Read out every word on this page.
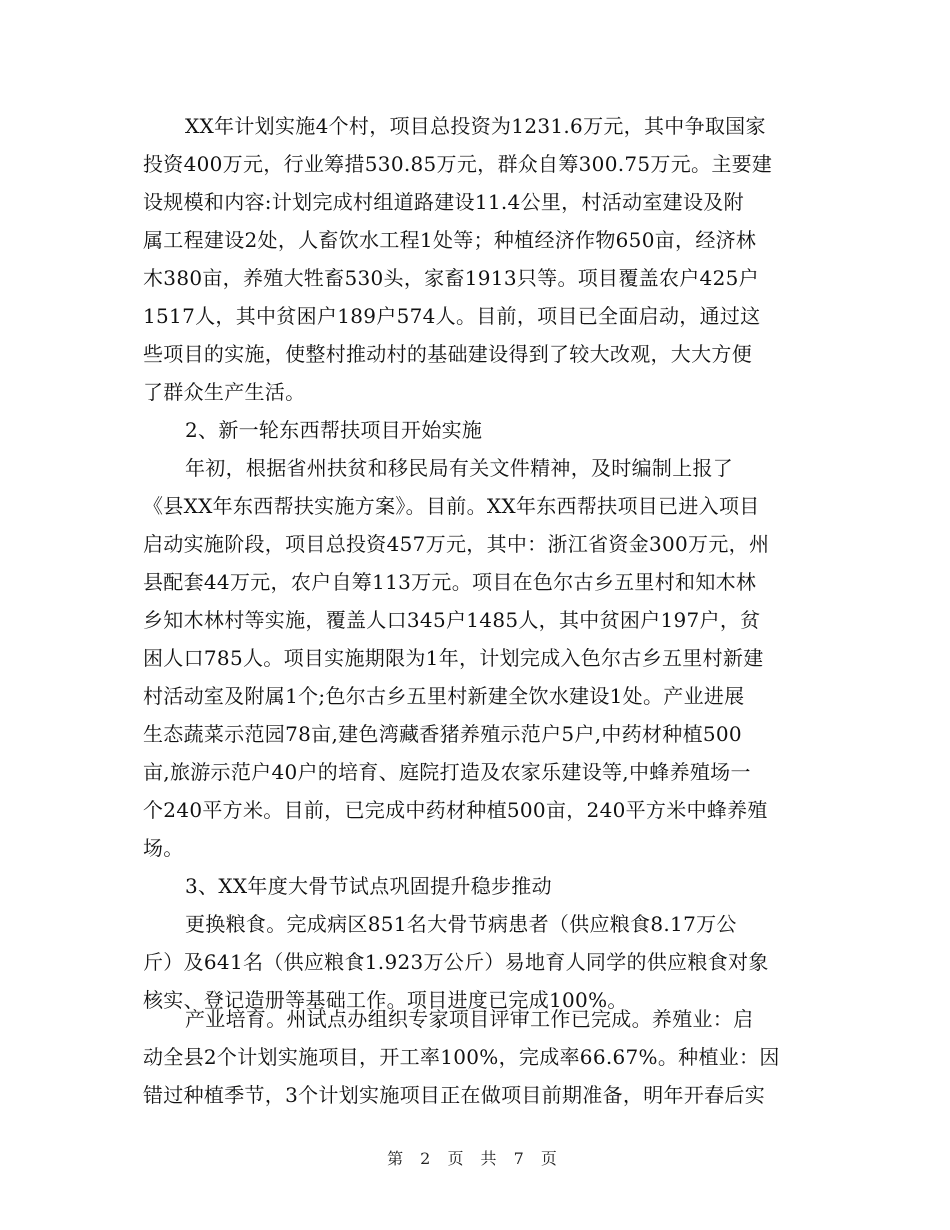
XX年计划实施4个村，项目总投资为1231.6万元，其中争取国家
投资400万元，行业筹措530.85万元，群众自筹300.75万元。主要建
设规模和内容:计划完成村组道路建设11.4公里，村活动室建设及附
属工程建设2处，人畜饮水工程1处等；种植经济作物650亩，经济林
木380亩，养殖大牲畜530头，家畜1913只等。项目覆盖农户425户
1517人，其中贫困户189户574人。目前，项目已全面启动，通过这
些项目的实施，使整村推动村的基础建设得到了较大改观，大大方便
了群众生产生活。
2、新一轮东西帮扶项目开始实施
年初，根据省州扶贫和移民局有关文件精神，及时编制上报了
《县XX年东西帮扶实施方案》。目前。XX年东西帮扶项目已进入项目
启动实施阶段，项目总投资457万元，其中：浙江省资金300万元，州
县配套44万元，农户自筹113万元。项目在色尔古乡五里村和知木林
乡知木林村等实施，覆盖人口345户1485人，其中贫困户197户，贫
困人口785人。项目实施期限为1年，计划完成入色尔古乡五里村新建
村活动室及附属1个;色尔古乡五里村新建全饮水建设1处。产业进展
生态蔬菜示范园78亩,建色湾藏香猪养殖示范户5户,中药材种植500
亩,旅游示范户40户的培育、庭院打造及农家乐建设等,中蜂养殖场一
个240平方米。目前，已完成中药材种植500亩，240平方米中蜂养殖
场。
3、XX年度大骨节试点巩固提升稳步推动
更换粮食。完成病区851名大骨节病患者（供应粮食8.17万公
斤）及641名（供应粮食1.923万公斤）易地育人同学的供应粮食对象
核实、登记造册等基础工作。项目进度已完成100%。
产业培育。州试点办组织专家项目评审工作已完成。养殖业：启
动全县2个计划实施项目，开工率100%，完成率66.67%。种植业：因
错过种植季节，3个计划实施项目正在做项目前期准备，明年开春后实
第 2 页 共 7 页
